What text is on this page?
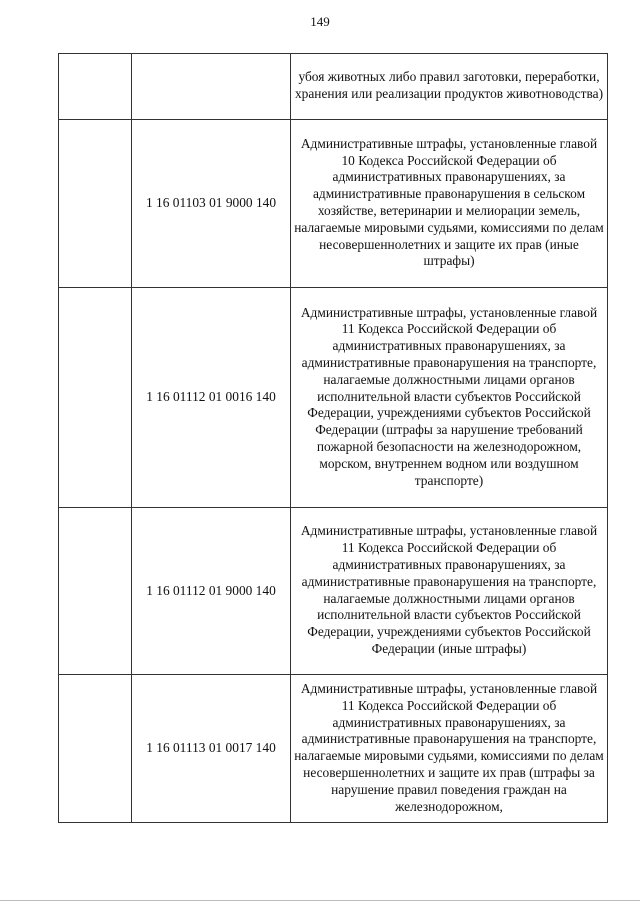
149

		убоя животных либо правил заготовки, переработки, хранения или реализации продуктов животноводства)

	1 16 01103 01 9000 140	Административные штрафы, установленные главой 10 Кодекса Российской Федерации об административных правонарушениях, за административные правонарушения в сельском хозяйстве, ветеринарии и мелиорации земель, налагаемые мировыми судьями, комиссиями по делам несовершеннолетних и защите их прав (иные штрафы)

	1 16 01112 01 0016 140	Административные штрафы, установленные главой 11 Кодекса Российской Федерации об административных правонарушениях, за административные правонарушения на транспорте, налагаемые должностными лицами органов исполнительной власти субъектов Российской Федерации, учреждениями субъектов Российской Федерации (штрафы за нарушение требований пожарной безопасности на железнодорожном, морском, внутреннем водном или воздушном транспорте)

	1 16 01112 01 9000 140	Административные штрафы, установленные главой 11 Кодекса Российской Федерации об административных правонарушениях, за административные правонарушения на транспорте, налагаемые должностными лицами органов исполнительной власти субъектов Российской Федерации, учреждениями субъектов Российской Федерации (иные штрафы)

	1 16 01113 01 0017 140	Административные штрафы, установленные главой 11 Кодекса Российской Федерации об административных правонарушениях, за административные правонарушения на транспорте, налагаемые мировыми судьями, комиссиями по делам несовершеннолетних и защите их прав (штрафы за нарушение правил поведения граждан на железнодорожном,
